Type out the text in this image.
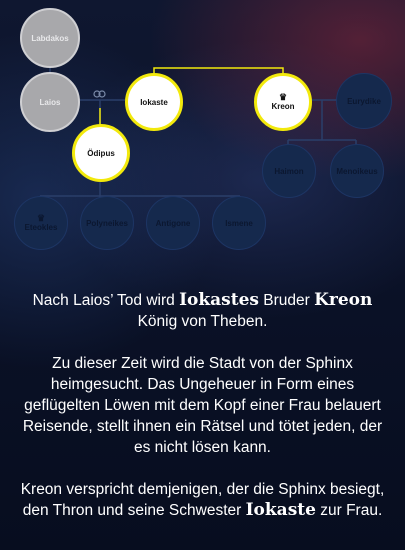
Labdakos
Laios	Iokaste	♛
Kreon
Eurydike
Ödipus
Haimon	Menoikeus
♛
Eteokles	Polyneikes	Antigone	Ismene

Nach Laios’ Tod wird Iokastes Bruder Kreon König von Theben.

Zu dieser Zeit wird die Stadt von der Sphinx heimgesucht. Das Ungeheuer in Form eines geflügelten Löwen mit dem Kopf einer Frau belauert Reisende, stellt ihnen ein Rätsel und tötet jeden, der es nicht lösen kann.

Kreon verspricht demjenigen, der die Sphinx besiegt, den Thron und seine Schwester Iokaste zur Frau.
